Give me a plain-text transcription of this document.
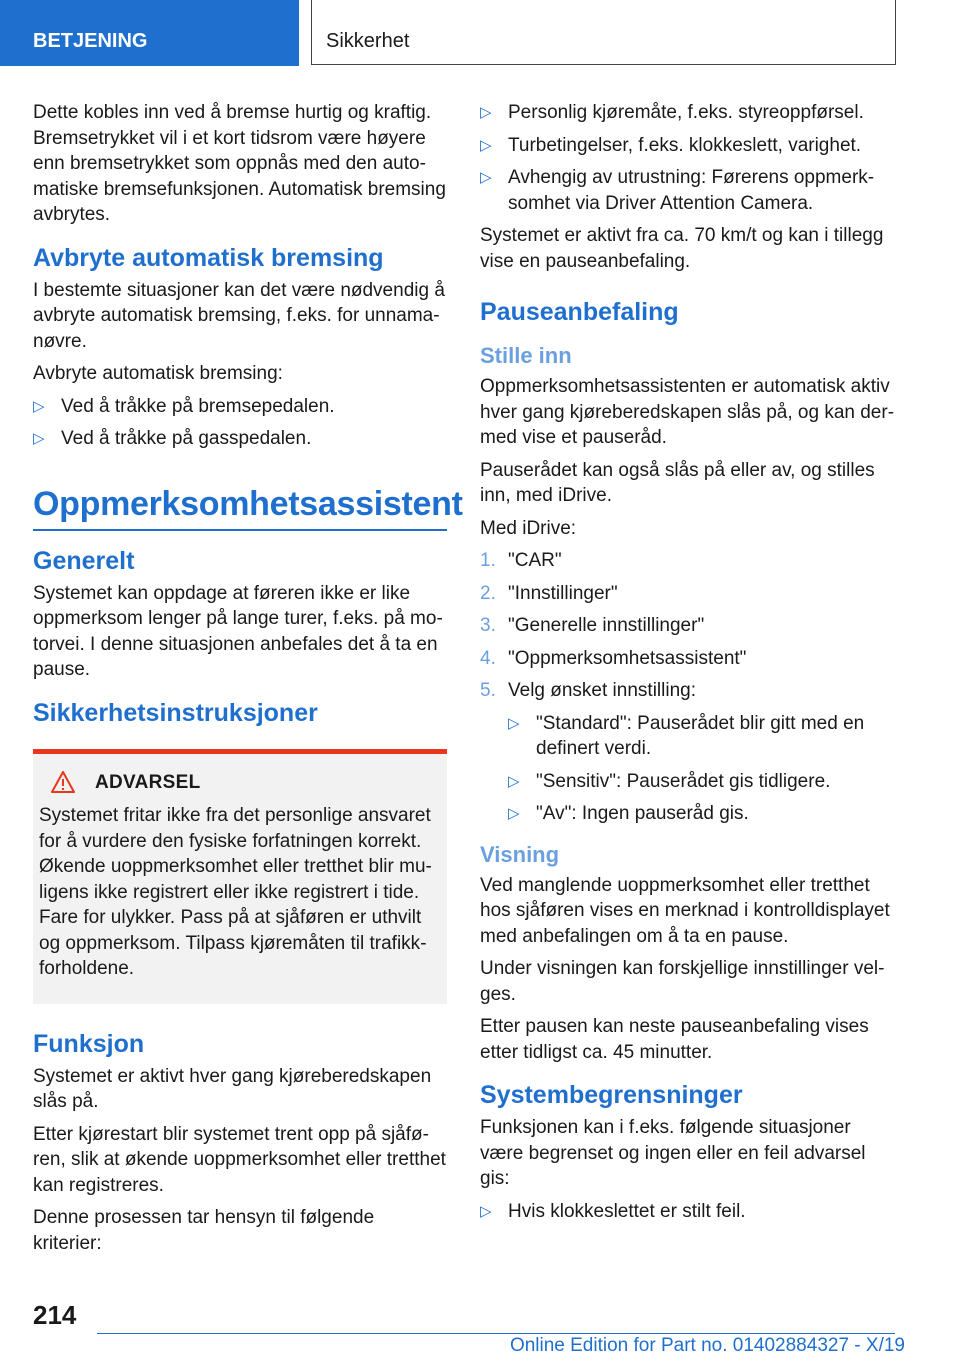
BETJENING	Sikkerhet

Dette kobles inn ved å bremse hurtig og kraftig. Bremsetrykket vil i et kort tidsrom være høyere enn bremsetrykket som oppnås med den automatiske bremsefunksjonen. Automatisk bremsing avbrytes.

Avbryte automatisk bremsing

I bestemte situasjoner kan det være nødvendig å avbryte automatisk bremsing, f.eks. for unnamanøvre.

Avbryte automatisk bremsing:

▷ Ved å tråkke på bremsepedalen.
▷ Ved å tråkke på gasspedalen.
Oppmerksomhetsassistent
Generelt

Systemet kan oppdage at føreren ikke er like oppmerksom lenger på lange turer, f.eks. på motorvei. I denne situasjonen anbefales det å ta en pause.

Sikkerhetsinstruksjoner
ADVARSEL

Systemet fritar ikke fra det personlige ansvaret for å vurdere den fysiske forfatningen korrekt. Økende uoppmerksomhet eller tretthet blir muligens ikke registrert eller ikke registrert i tide. Fare for ulykker. Pass på at sjåføren er uthvilt og oppmerksom. Tilpass kjøremåten til trafikkforholdene.

Funksjon

Systemet er aktivt hver gang kjøreberedskapen slås på.

Etter kjørestart blir systemet trent opp på sjåføren, slik at økende uoppmerksomhet eller tretthet kan registreres.

Denne prosessen tar hensyn til følgende kriterier:

▷ Personlig kjøremåte, f.eks. styreoppførsel.
▷ Turbetingelser, f.eks. klokkeslett, varighet.
▷ Avhengig av utrustning: Førerens oppmerksomhet via Driver Attention Camera.

Systemet er aktivt fra ca. 70 km/t og kan i tillegg vise en pauseanbefaling.

Pauseanbefaling
Stille inn

Oppmerksomhetsassistenten er automatisk aktiv hver gang kjøreberedskapen slås på, og kan dermed vise et pauseråd.

Pauserådet kan også slås på eller av, og stilles inn, med iDrive.

Med iDrive:

1. "CAR"
2. "Innstillinger"
3. "Generelle innstillinger"
4. "Oppmerksomhetsassistent"
5. Velg ønsket innstilling:
▷ "Standard": Pauserådet blir gitt med en definert verdi.
▷ "Sensitiv": Pauserådet gis tidligere.
▷ "Av": Ingen pauseråd gis.
Visning

Ved manglende uoppmerksomhet eller tretthet hos sjåføren vises en merknad i kontrolldisplayet med anbefalingen om å ta en pause.

Under visningen kan forskjellige innstillinger velges.

Etter pausen kan neste pauseanbefaling vises etter tidligst ca. 45 minutter.

Systembegrensninger

Funksjonen kan i f.eks. følgende situasjoner være begrenset og ingen eller en feil advarsel gis:

▷ Hvis klokkeslettet er stilt feil.
214
Online Edition for Part no. 01402884327 - X/19
